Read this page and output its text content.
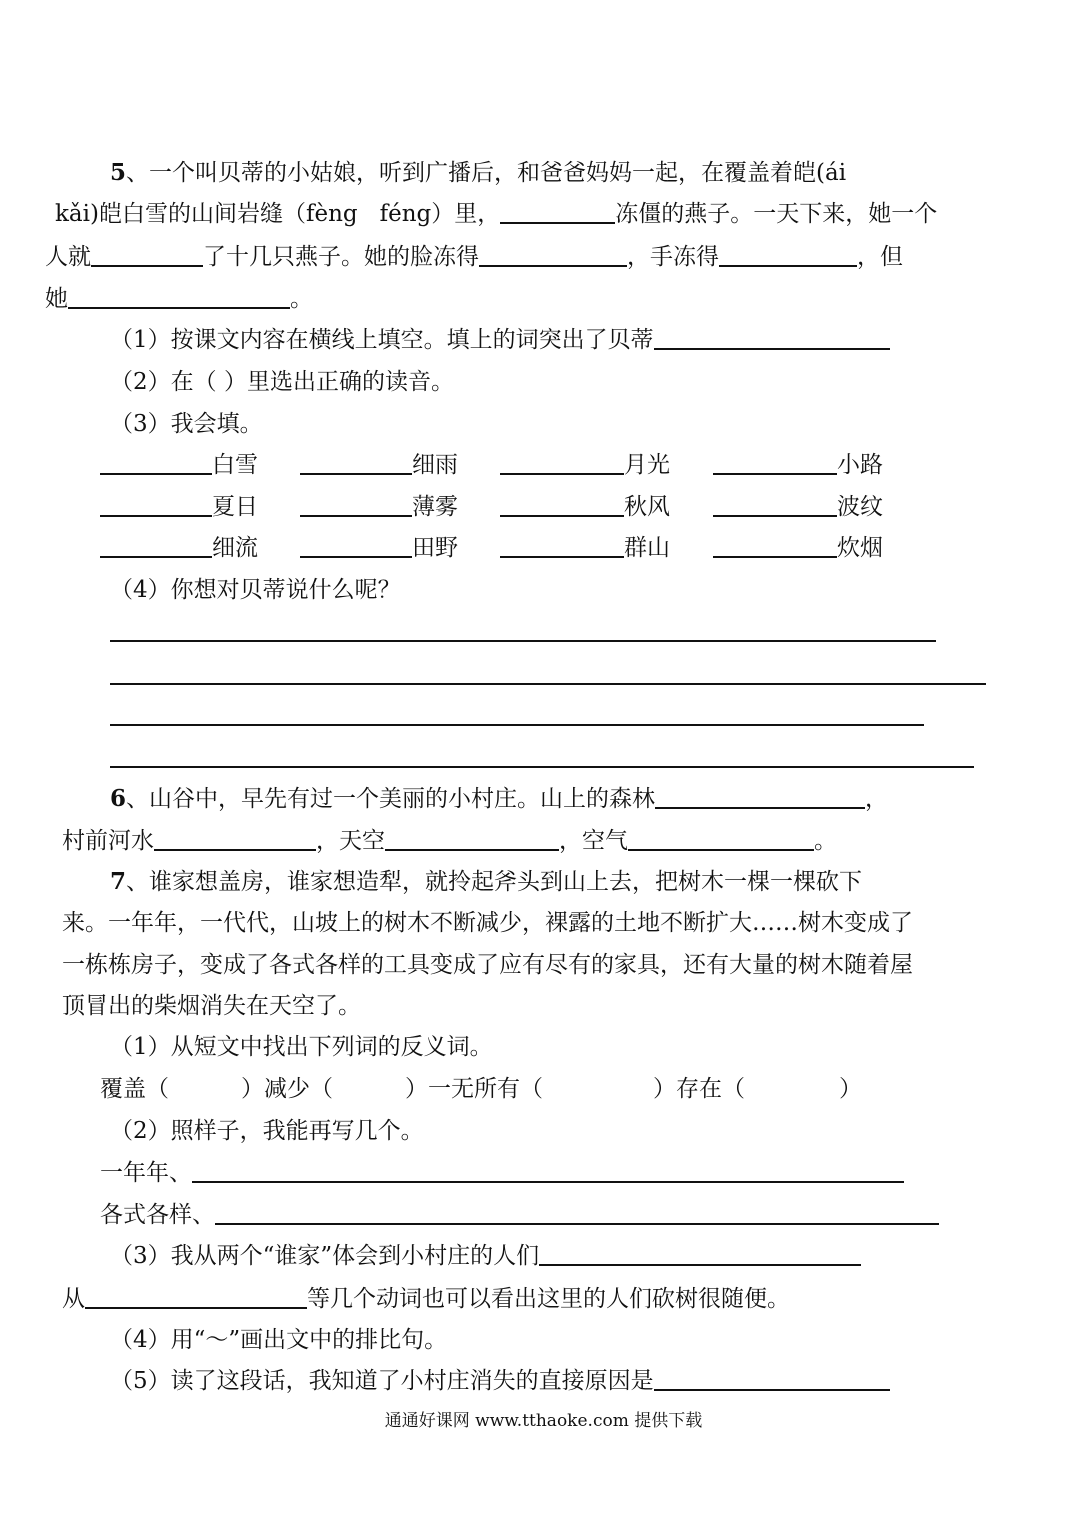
5、一个叫贝蒂的小姑娘，听到广播后，和爸爸妈妈一起，在覆盖着皑(ái
kǎi)皑白雪的山间岩缝（fèng féng）里，	冻僵的燕子。一天下来，她一个
人就	了十几只燕子。她的脸冻得	，手冻得	，但
她	。
（1）按课文内容在横线上填空。填上的词突出了贝蒂
（2）在（ ）里选出正确的读音。
（3）我会填。
白雪	细雨	月光	小路
夏日	薄雾	秋风	波纹
细流	田野	群山	炊烟
（4）你想对贝蒂说什么呢？
6、山谷中，早先有过一个美丽的小村庄。山上的森林	，
村前河水	，天空	，空气	。
7、谁家想盖房，谁家想造犁，就拎起斧头到山上去，把树木一棵一棵砍下
来。一年年，一代代，山坡上的树木不断减少，裸露的土地不断扩大……树木变成了
一栋栋房子，变成了各式各样的工具变成了应有尽有的家具，还有大量的树木随着屋
顶冒出的柴烟消失在天空了。
（1）从短文中找出下列词的反义词。
覆盖（	）减少（	）一无所有（	）存在（	）
（2）照样子，我能再写几个。
一年年、
各式各样、
（3）我从两个“谁家”体会到小村庄的人们
从	等几个动词也可以看出这里的人们砍树很随便。
（4）用“～”画出文中的排比句。
（5）读了这段话，我知道了小村庄消失的直接原因是
通通好课网 www.tthaoke.com 提供下载
